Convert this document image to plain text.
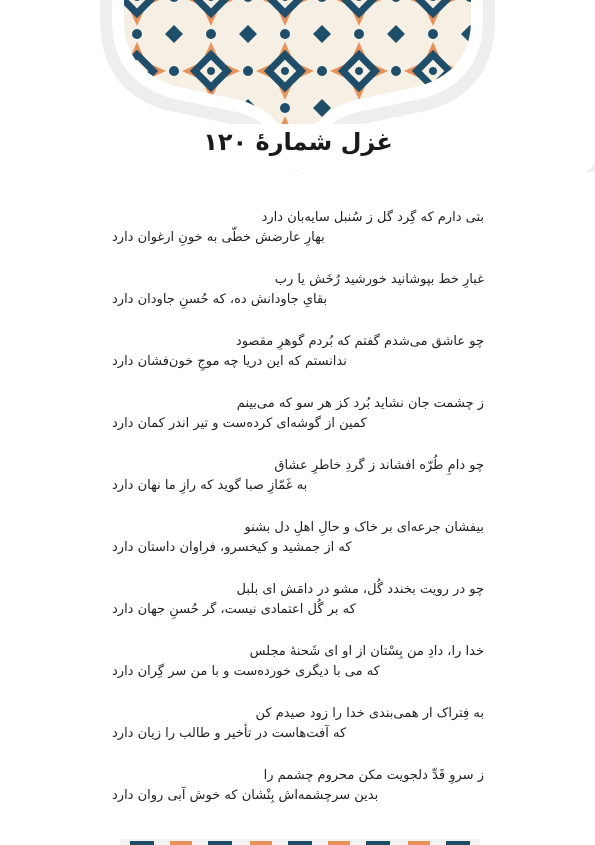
غزل شمارهٔ ۱۲۰
بتی دارم که گِرد گل ز سُنبل سایه‌بان دارد
بهارِ عارضش خطّی به خونِ ارغوان دارد
غبارِ خط بپوشانید خورشید رُخَش یا رب
بقایِ جاودانش ده، که حُسنِ جاودان دارد
چو عاشق می‌شدم گفتم که بُردم گوهرِ مقصود
ندانستم که این دریا چه موجِ خون‌فشان دارد
ز چشمت جان نشاید بُرد کز هر سو که می‌بینم
کمین از گوشه‌ای کرده‌ست و تیر اندر کمان دارد
چو دامِ طُرّه افشاند ز گردِ خاطرِ عشاق
به غَمّازِ صبا گوید که رازِ ما نهان دارد
بیفشان جرعه‌ای بر خاک و حالِ اهلِ دل بشنو
که از جمشید و کیخسرو، فراوان داستان دارد
چو در رویت بخندد گُل، مشو در دامَش ای بلبل
که بر گُل اعتمادی نیست، گر حُسنِ جهان دارد
خدا را، دادِ من بِسْتان از او ای شَحنهٔ مجلس
که می با دیگری خورده‌ست و با من سر گِران دارد
به فِتراک ار همی‌بندی خدا را زود صیدم کن
که آفت‌هاست در تأخیر و طالب را زیان دارد
ز سروِ قَدِّ دلجویت مکن محروم چشمم را
بدین سرچشمه‌اش بِنْشان که خوش آبی روان دارد
